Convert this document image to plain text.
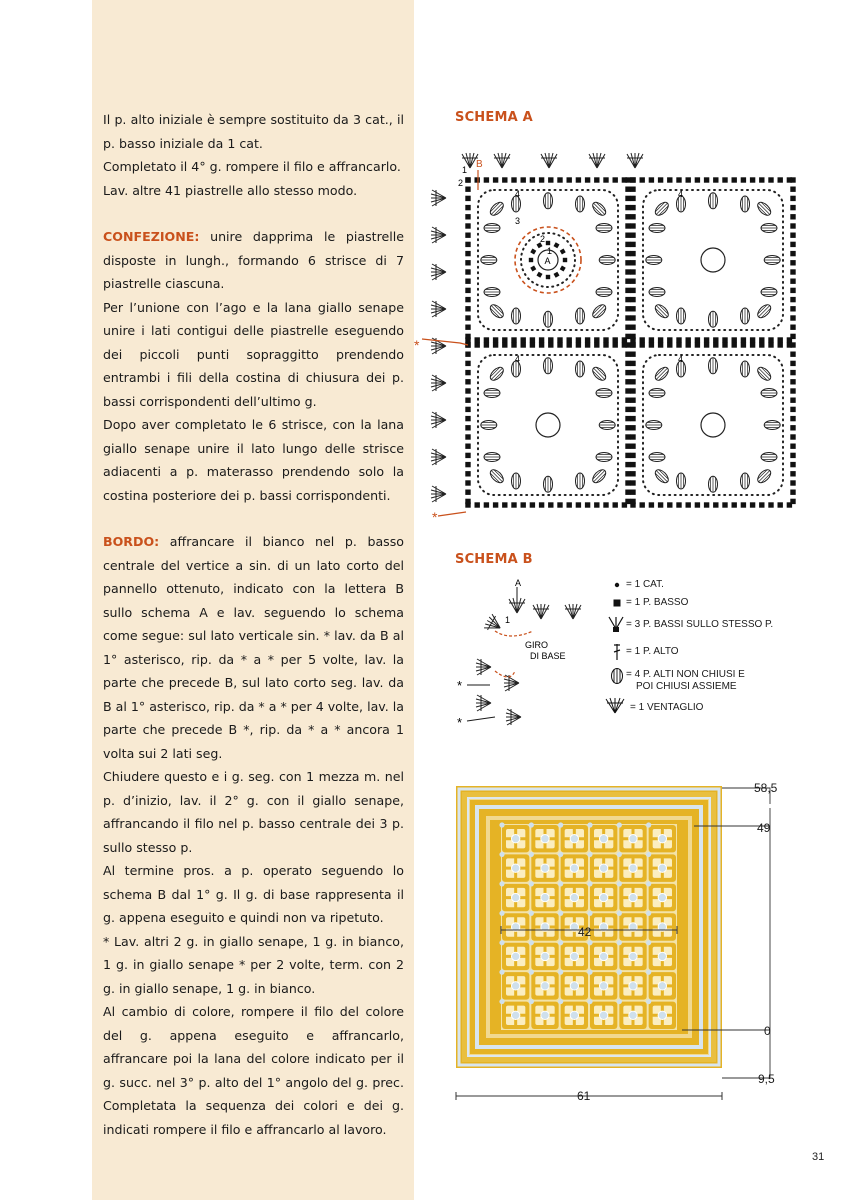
Il p. alto iniziale è sempre sostituito da 3 cat., il p. basso iniziale da 1 cat.

Completato il 4° g. rompere il filo e affrancarlo.

Lav. altre 41 piastrelle allo stesso modo.

CONFEZIONE: unire dapprima le piastrelle disposte in lungh., formando 6 strisce di 7 piastrelle ciascuna.

Per l’unione con l’ago e la lana giallo senape unire i lati contigui delle piastrelle eseguendo dei piccoli punti sopraggitto prendendo entrambi i fili della costina di chiusura dei p. bassi corrispondenti dell’ultimo g.

Dopo aver completato le 6 strisce, con la lana giallo senape unire il lato lungo delle strisce adiacenti a p. materasso prendendo solo la costina posteriore dei p. bassi corrispondenti.

BORDO: affrancare il bianco nel p. basso centrale del vertice a sin. di un lato corto del pannello ottenuto, indicato con la lettera B sullo schema A e lav. seguendo lo schema come segue: sul lato verticale sin. * lav. da B al 1° asterisco, rip. da * a * per 5 volte, lav. la parte che precede B, sul lato corto seg. lav. da B al 1° asterisco, rip. da * a * per 4 volte, lav. la parte che precede B *, rip. da * a * ancora 1 volta sui 2 lati seg.

Chiudere questo e i g. seg. con 1 mezza m. nel p. d’inizio, lav. il 2° g. con il giallo senape, affrancando il filo nel p. basso centrale dei 3 p. sullo stesso p.

Al termine pros. a p. operato seguendo lo schema B dal 1° g. Il g. di base rappresenta il g. appena eseguito e quindi non va ripetuto.

* Lav. altri 2 g. in giallo senape, 1 g. in bianco, 1 g. in giallo senape * per 2 volte, term. con 2 g. in giallo senape, 1 g. in bianco.

Al cambio di colore, rompere il filo del colore del g. appena eseguito e affrancarlo, affrancare poi la lana del colore indicato per il g. succ. nel 3° p. alto del 1° angolo del g. prec. Completata la sequenza dei colori e dei g. indicati rompere il filo e affrancarlo al lavoro.

SCHEMA A
A
B
1
2
3
2
1
4	4
4	4
*
*
SCHEMA B
A
1
GIRO
DI BASE
*
*
= 1 CAT.
= 1 P. BASSO
= 3 P. BASSI SULLO STESSO P.
= 1 P. ALTO
= 4 P. ALTI NON CHIUSI E
POI CHIUSI ASSIEME
= 1 VENTAGLIO
58,5
49
42
0
9,5
61
31
